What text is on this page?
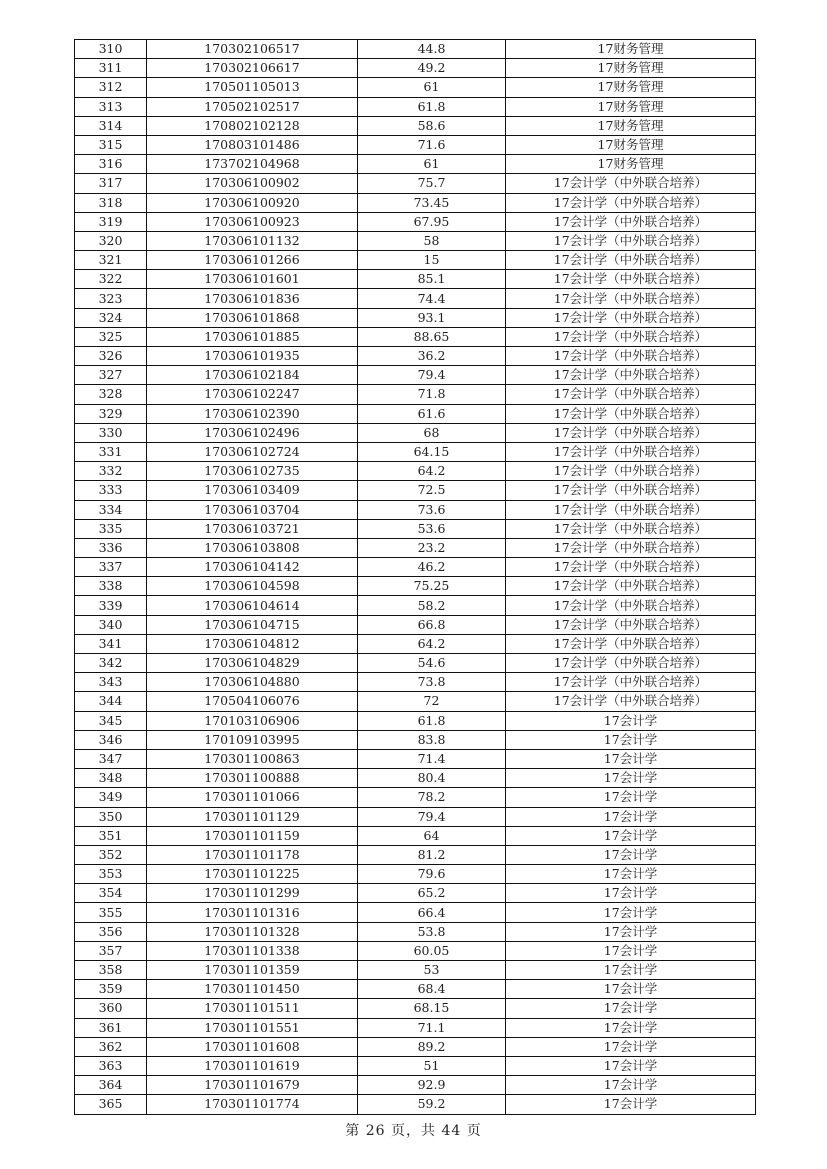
310	170302106517	44.8	17财务管理
311	170302106617	49.2	17财务管理
312	170501105013	61	17财务管理
313	170502102517	61.8	17财务管理
314	170802102128	58.6	17财务管理
315	170803101486	71.6	17财务管理
316	173702104968	61	17财务管理
317	170306100902	75.7	17会计学（中外联合培养）
318	170306100920	73.45	17会计学（中外联合培养）
319	170306100923	67.95	17会计学（中外联合培养）
320	170306101132	58	17会计学（中外联合培养）
321	170306101266	15	17会计学（中外联合培养）
322	170306101601	85.1	17会计学（中外联合培养）
323	170306101836	74.4	17会计学（中外联合培养）
324	170306101868	93.1	17会计学（中外联合培养）
325	170306101885	88.65	17会计学（中外联合培养）
326	170306101935	36.2	17会计学（中外联合培养）
327	170306102184	79.4	17会计学（中外联合培养）
328	170306102247	71.8	17会计学（中外联合培养）
329	170306102390	61.6	17会计学（中外联合培养）
330	170306102496	68	17会计学（中外联合培养）
331	170306102724	64.15	17会计学（中外联合培养）
332	170306102735	64.2	17会计学（中外联合培养）
333	170306103409	72.5	17会计学（中外联合培养）
334	170306103704	73.6	17会计学（中外联合培养）
335	170306103721	53.6	17会计学（中外联合培养）
336	170306103808	23.2	17会计学（中外联合培养）
337	170306104142	46.2	17会计学（中外联合培养）
338	170306104598	75.25	17会计学（中外联合培养）
339	170306104614	58.2	17会计学（中外联合培养）
340	170306104715	66.8	17会计学（中外联合培养）
341	170306104812	64.2	17会计学（中外联合培养）
342	170306104829	54.6	17会计学（中外联合培养）
343	170306104880	73.8	17会计学（中外联合培养）
344	170504106076	72	17会计学（中外联合培养）
345	170103106906	61.8	17会计学
346	170109103995	83.8	17会计学
347	170301100863	71.4	17会计学
348	170301100888	80.4	17会计学
349	170301101066	78.2	17会计学
350	170301101129	79.4	17会计学
351	170301101159	64	17会计学
352	170301101178	81.2	17会计学
353	170301101225	79.6	17会计学
354	170301101299	65.2	17会计学
355	170301101316	66.4	17会计学
356	170301101328	53.8	17会计学
357	170301101338	60.05	17会计学
358	170301101359	53	17会计学
359	170301101450	68.4	17会计学
360	170301101511	68.15	17会计学
361	170301101551	71.1	17会计学
362	170301101608	89.2	17会计学
363	170301101619	51	17会计学
364	170301101679	92.9	17会计学
365	170301101774	59.2	17会计学
第 26 页，共 44 页
